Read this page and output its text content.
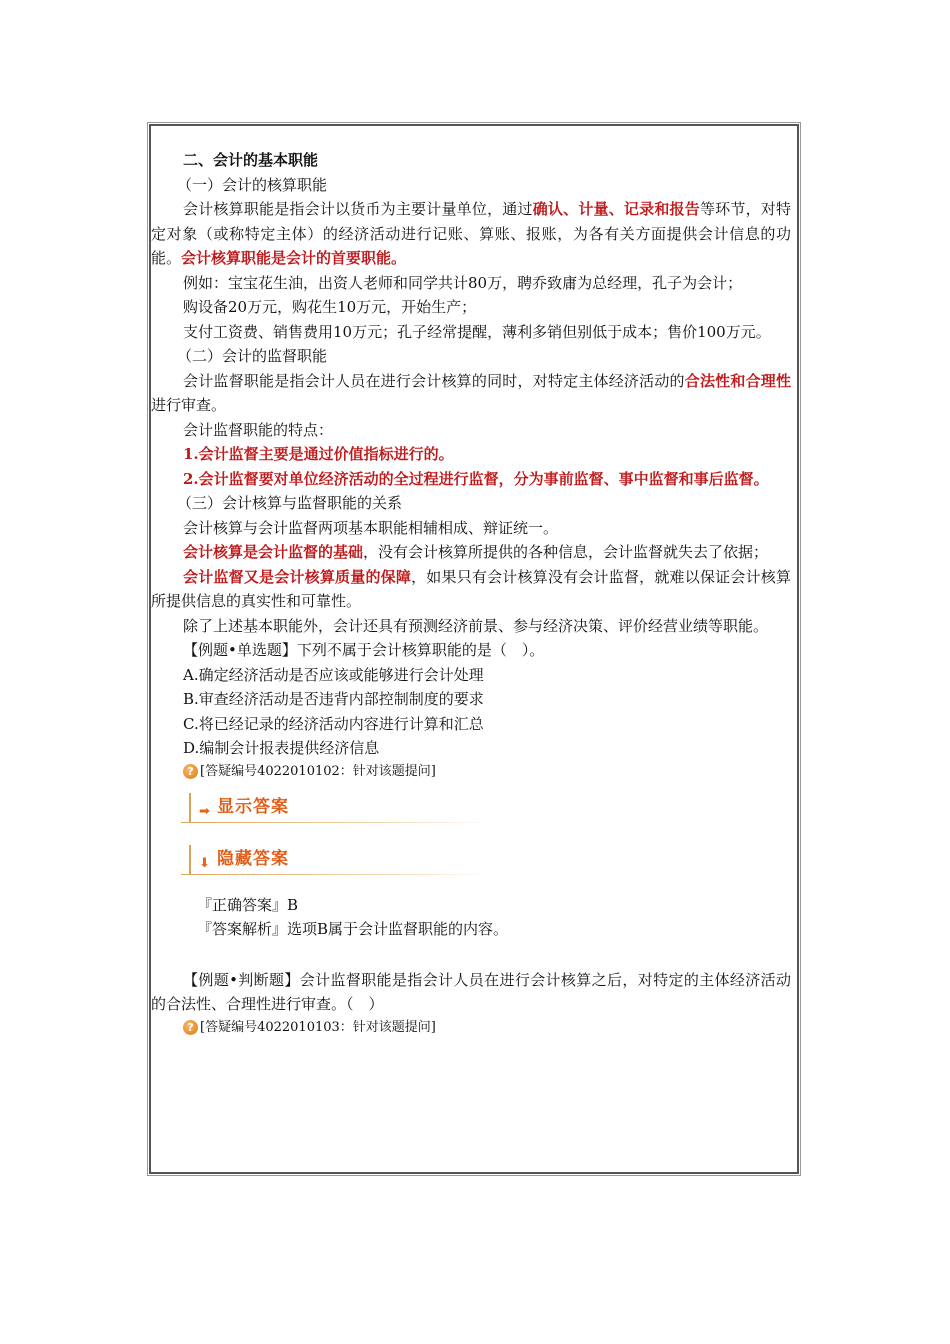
二、会计的基本职能

（一）会计的核算职能

会计核算职能是指会计以货币为主要计量单位，通过确认、计量、记录和报告等环节，对特定对象（或称特定主体）的经济活动进行记账、算账、报账，为各有关方面提供会计信息的功能。会计核算职能是会计的首要职能。

例如：宝宝花生油，出资人老师和同学共计80万，聘乔致庸为总经理，孔子为会计；

购设备20万元，购花生10万元，开始生产；

支付工资费、销售费用10万元；孔子经常提醒，薄利多销但别低于成本；售价100万元。

（二）会计的监督职能

会计监督职能是指会计人员在进行会计核算的同时，对特定主体经济活动的合法性和合理性进行审查。

会计监督职能的特点：

1.会计监督主要是通过价值指标进行的。

2.会计监督要对单位经济活动的全过程进行监督，分为事前监督、事中监督和事后监督。

（三）会计核算与监督职能的关系

会计核算与会计监督两项基本职能相辅相成、辩证统一。

会计核算是会计监督的基础，没有会计核算所提供的各种信息，会计监督就失去了依据；

会计监督又是会计核算质量的保障，如果只有会计核算没有会计监督，就难以保证会计核算所提供信息的真实性和可靠性。

除了上述基本职能外，会计还具有预测经济前景、参与经济决策、评价经营业绩等职能。

【例题•单选题】下列不属于会计核算职能的是（　）。

A.确定经济活动是否应该或能够进行会计处理

B.审查经济活动是否违背内部控制制度的要求

C.将已经记录的经济活动内容进行计算和汇总

D.编制会计报表提供经济信息

? [答疑编号4022010102：针对该题提问]
➡ 显示答案
⬇ 隐藏答案

『正确答案』B

『答案解析』选项B属于会计监督职能的内容。

【例题•判断题】会计监督职能是指会计人员在进行会计核算之后，对特定的主体经济活动的合法性、合理性进行审查。（　）

? [答疑编号4022010103：针对该题提问]
